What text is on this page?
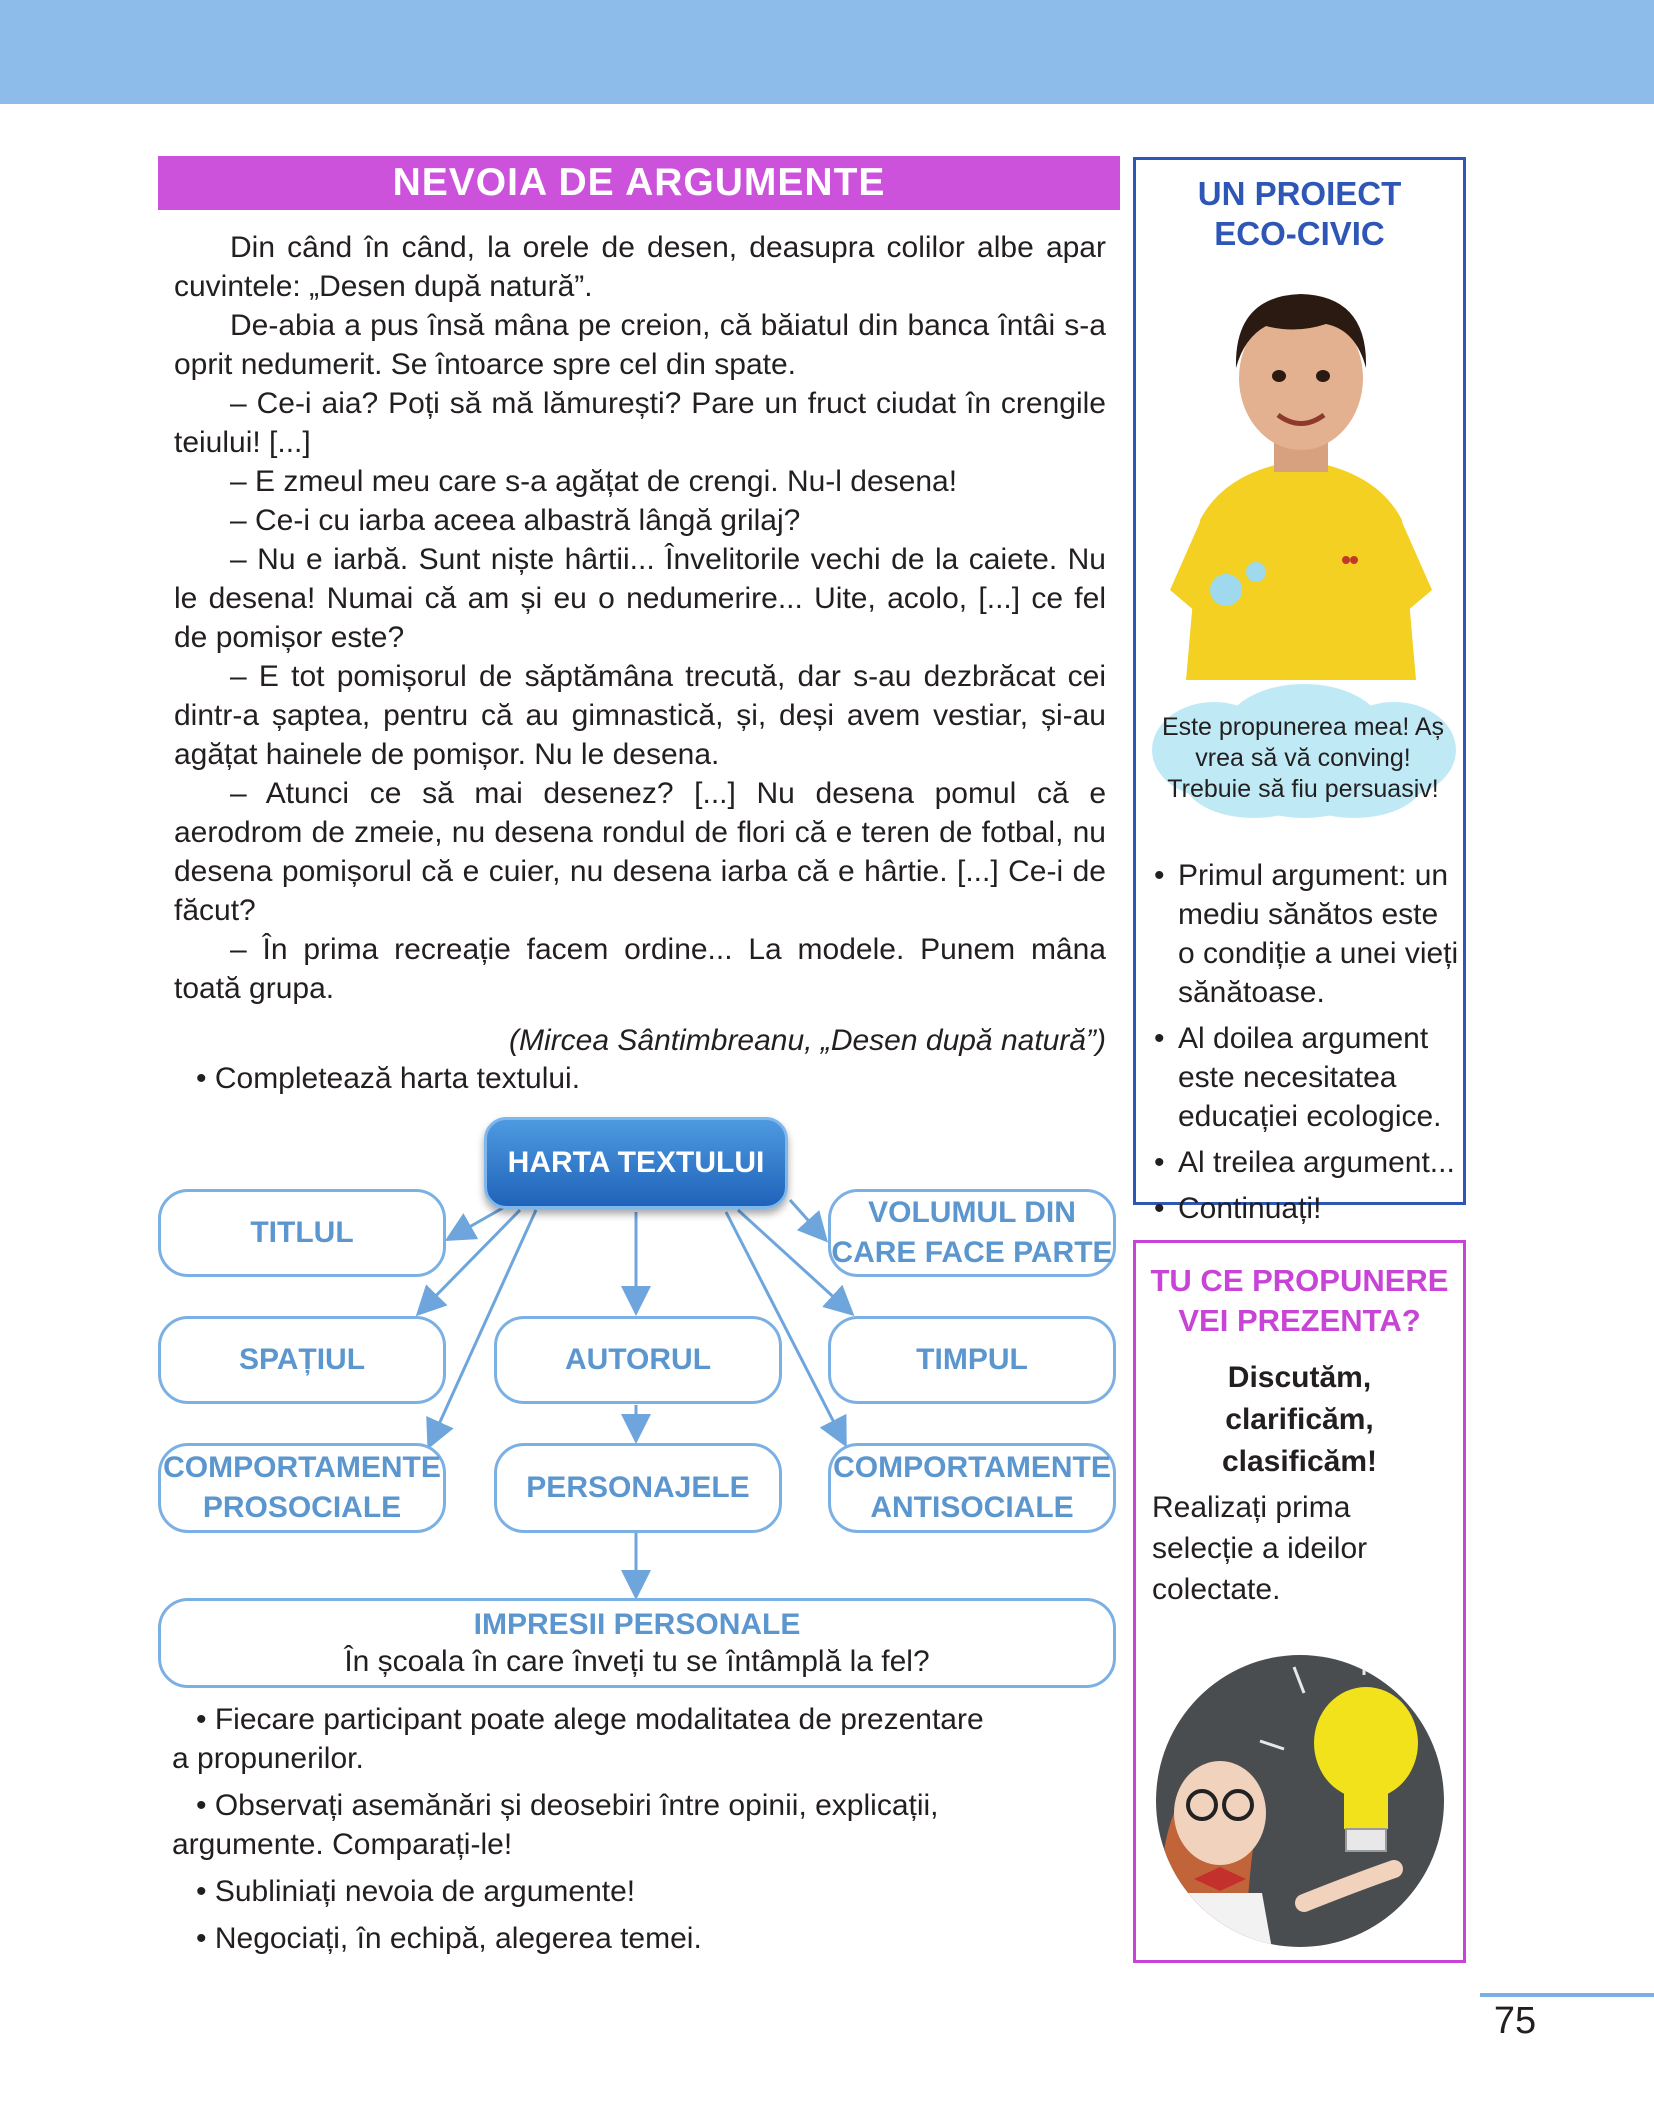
NEVOIA DE ARGUMENTE

Din când în când, la orele de desen, deasupra colilor albe apar cuvintele: „Desen după natură”.

De-abia a pus însă mâna pe creion, că băiatul din banca întâi s-a oprit nedumerit. Se întoarce spre cel din spate.

– Ce-i aia? Poți să mă lămurești? Pare un fruct ciudat în crengile teiului! [...]

– E zmeul meu care s-a agățat de crengi. Nu-l desena!

– Ce-i cu iarba aceea albastră lângă grilaj?

– Nu e iarbă. Sunt niște hârtii... Învelitorile vechi de la caiete. Nu le desena! Numai că am și eu o nedumerire... Uite, acolo, [...] ce fel de pomișor este?

– E tot pomișorul de săptămâna trecută, dar s-au dezbrăcat cei dintr-a șaptea, pentru că au gimnastică, și, deși avem vestiar, și-au agățat hainele de pomișor. Nu le desena.

– Atunci ce să mai desenez? [...] Nu desena pomul că e aerodrom de zmeie, nu desena rondul de flori că e teren de fotbal, nu desena pomișorul că e cuier, nu desena iarba că e hârtie. [...] Ce-i de făcut?

– În prima recreație facem ordine... La modele. Punem mâna toată grupa.

(Mircea Sântimbreanu, „Desen după natură”)

• Completează harta textului.
HARTA TEXTULUI
TITLUL
VOLUMUL DIN CARE FACE PARTE
SPAȚIUL	AUTORUL	TIMPUL
COMPORTAMENTE PROSOCIALE
PERSONAJELE
COMPORTAMENTE ANTISOCIALE
IMPRESII PERSONALE
În școala în care înveți tu se întâmplă la fel?
• Fiecare participant poate alege modalitatea de prezentare
a propunerilor.
• Observați asemănări și deosebiri între opinii, explicații,
argumente. Comparați-le!
• Subliniați nevoia de argumente!
• Negociați, în echipă, alegerea temei.
UN PROIECT
ECO-CIVIC
Este propunerea mea! Aș vrea să vă conving! Trebuie să fiu persuasiv!
• Primul argument: un mediu sănătos este o condiție a unei vieți sănătoase.
• Al doilea argument este necesitatea educației ecologice.
• Al treilea argument...
• Continuați!
TU CE PROPUNERE
VEI PREZENTA?
Discutăm,
clarificăm,
clasificăm!
Realizați prima selecție a ideilor colectate.
75
